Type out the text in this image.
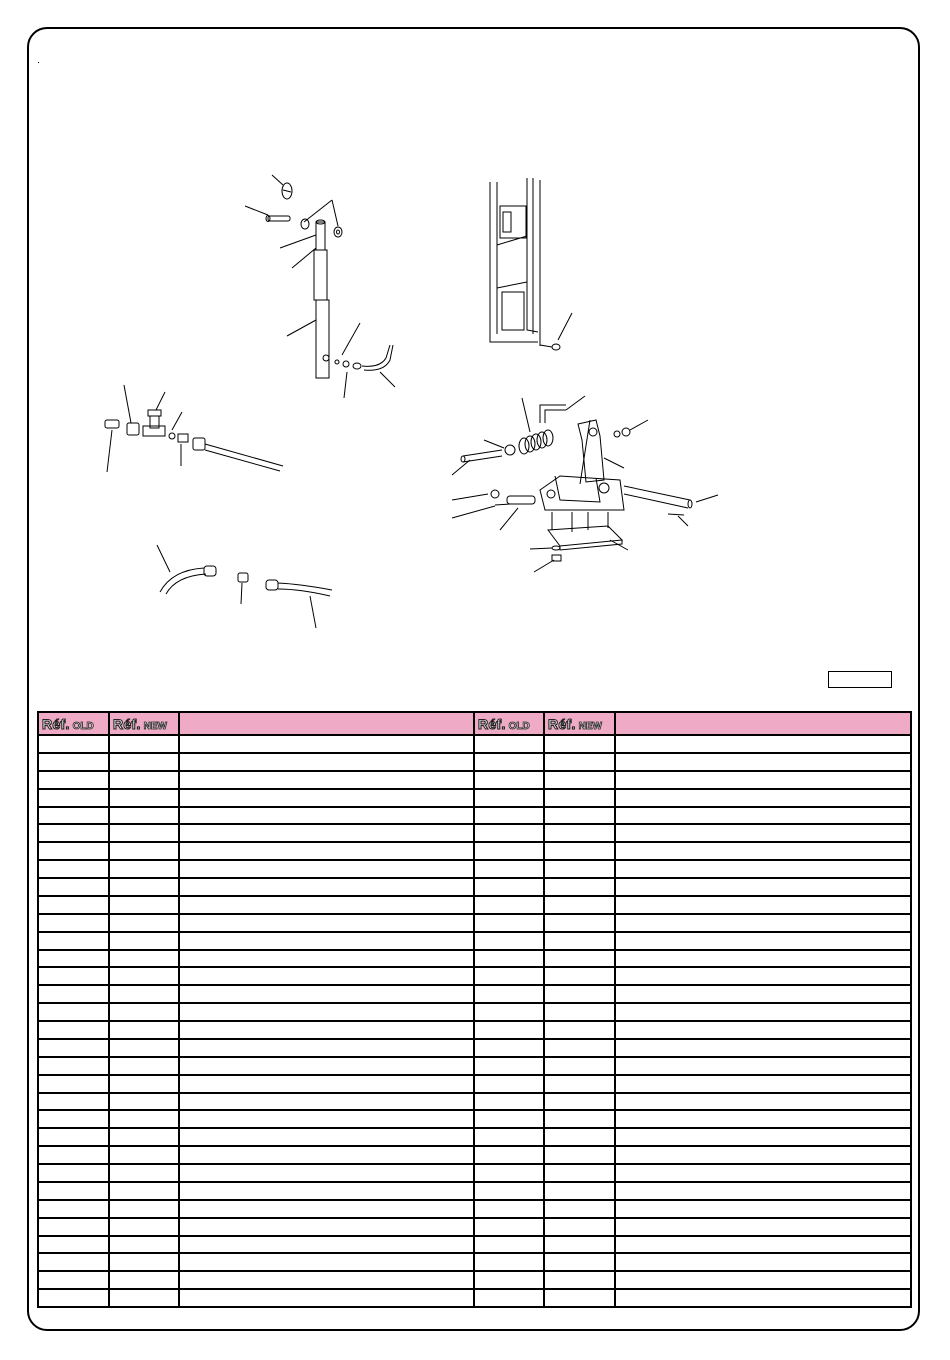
Réf. OLD	Réf. NEW		Réf. OLD	Réf. NEW	
